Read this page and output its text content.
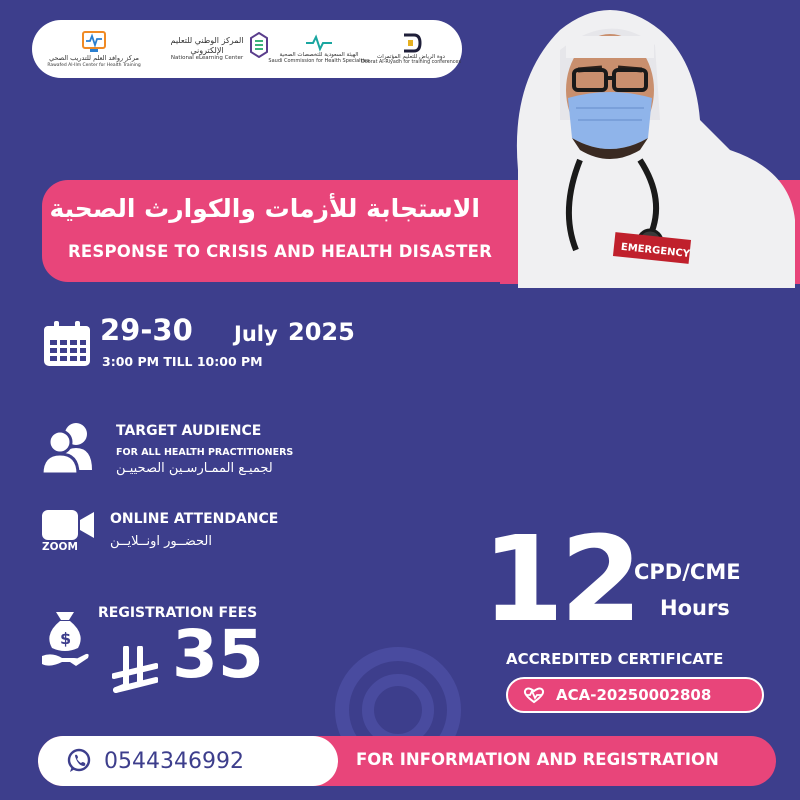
مركز روافد العلم للتدريب الصحي
Rawafed Al-Ilm Center for Health Training
المركز الوطني للتعليم الإلكتروني
National eLearning Center
الهيئة السعودية للتخصصات الصحية
Saudi Commission for Health Specialties
دوة الرياض للتعليم المؤتمرات
Doorat Al-Riyadh for training conferences
الاستجابة للأزمات والكوارث الصحية
RESPONSE TO CRISIS AND HEALTH DISASTER	EMERGENCY
29-30 July 2025
3:00 PM TILL 10:00 PM
TARGET AUDIENCE
FOR ALL HEALTH PRACTITIONERS
لجميـع الممـارسـين الصحييـن
ZOOM
ONLINE ATTENDANCE
الحضــور اونــلايــن
$
REGISTRATION FEES
35
12
CPD/CME
Hours
ACCREDITED CERTIFICATE
ACA-20250002808
0544346992	FOR INFORMATION AND REGISTRATION
